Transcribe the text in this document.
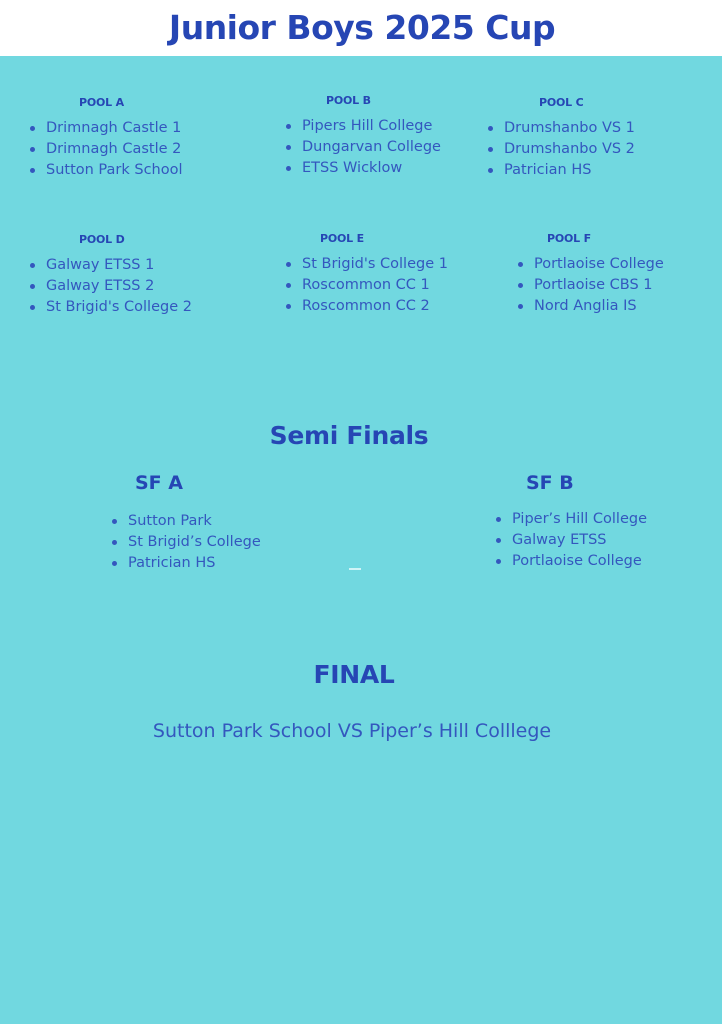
Junior Boys 2025 Cup
POOL A
Drimnagh Castle 1
Drimnagh Castle 2
Sutton Park School
POOL B
Pipers Hill College
Dungarvan College
ETSS Wicklow
POOL C
Drumshanbo VS 1
Drumshanbo VS 2
Patrician HS
POOL D
Galway ETSS 1
Galway ETSS 2
St Brigid's College 2
POOL E
St Brigid's College 1
Roscommon CC 1
Roscommon CC 2
POOL F
Portlaoise College
Portlaoise CBS 1
Nord Anglia IS
Semi Finals
SF A
Sutton Park
St Brigid’s College
Patrician HS
SF B
Piper’s Hill College
Galway ETSS
Portlaoise College
FINAL
Sutton Park School VS Piper’s Hill Colllege
